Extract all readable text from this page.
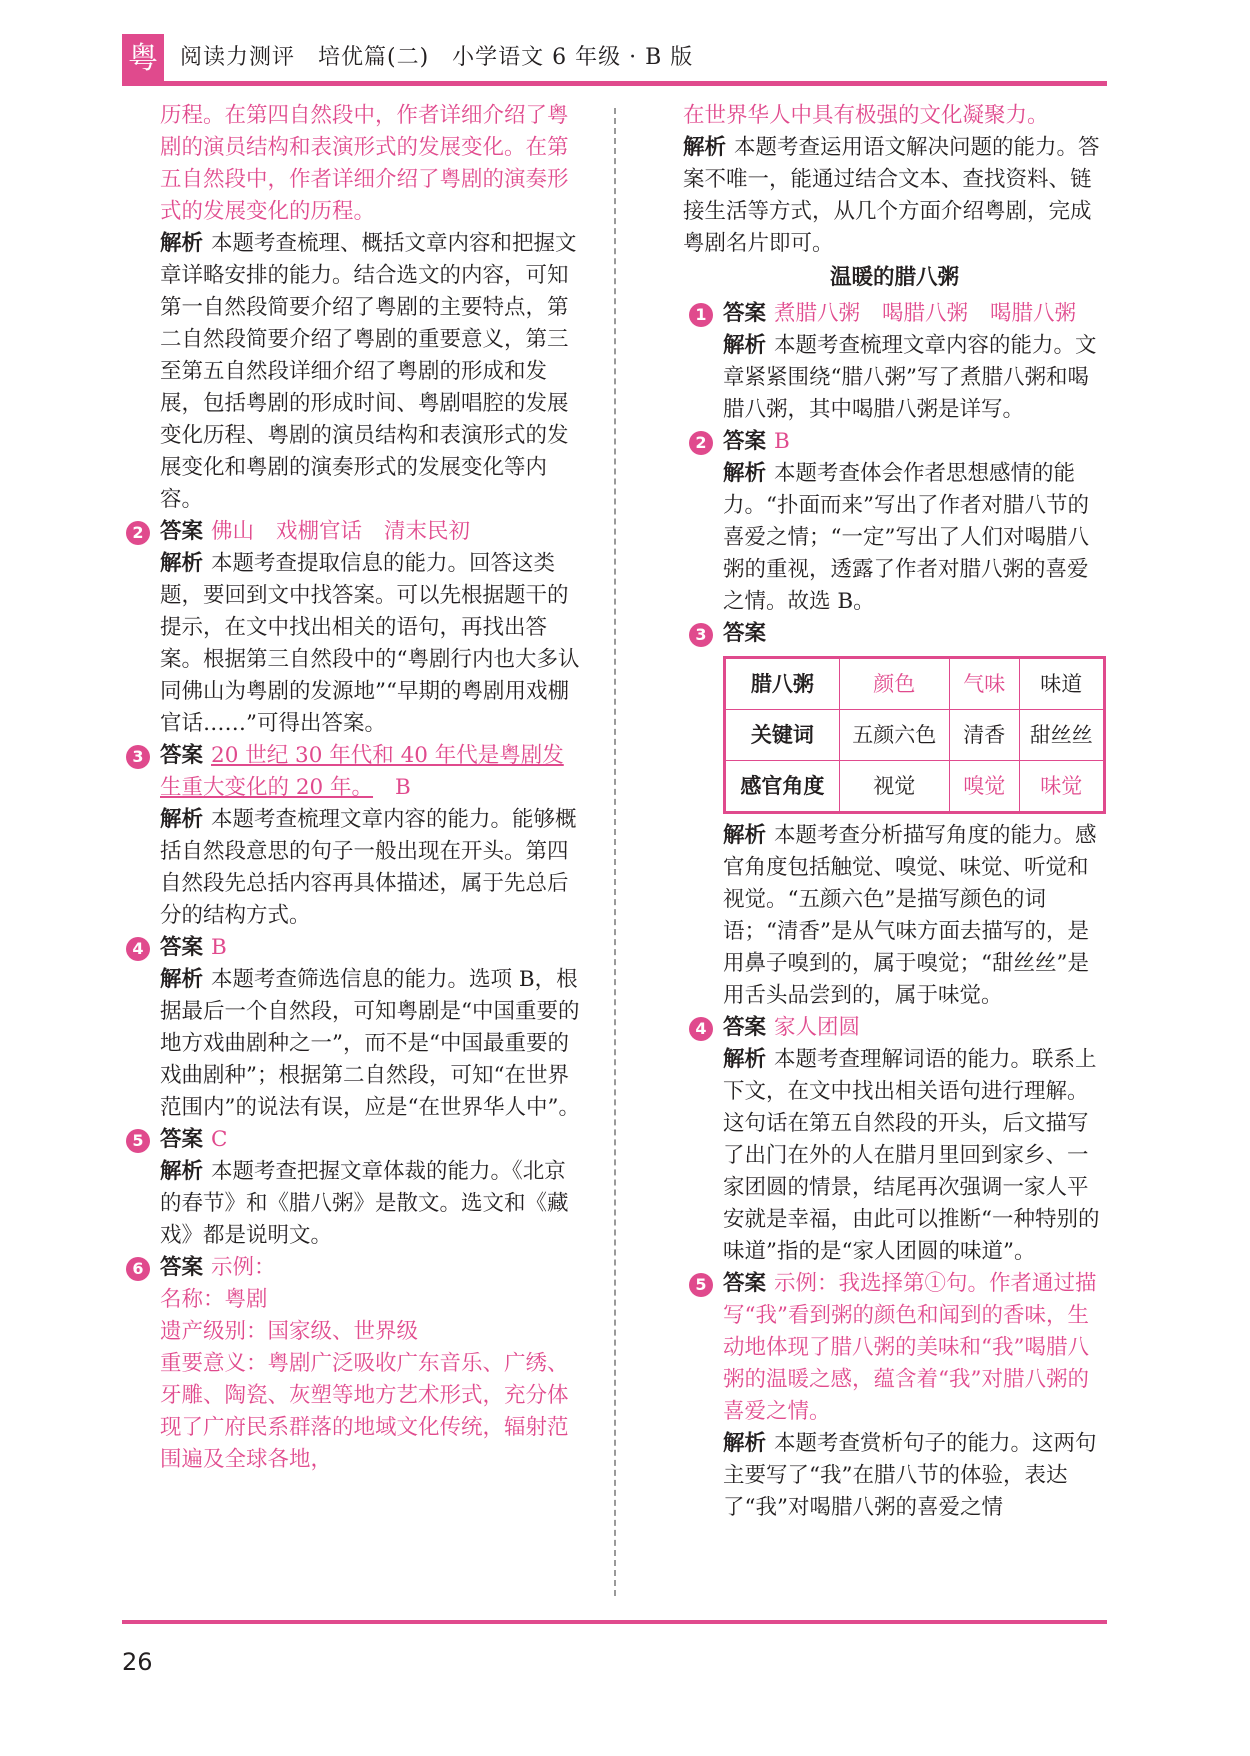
粤 阅读力测评　培优篇(二)　小学语文 6 年级 · B 版

历程。在第四自然段中，作者详细介绍了粤剧的演员结构和表演形式的发展变化。在第五自然段中，作者详细介绍了粤剧的演奏形式的发展变化的历程。

解析 本题考查梳理、概括文章内容和把握文章详略安排的能力。结合选文的内容，可知第一自然段简要介绍了粤剧的主要特点，第二自然段简要介绍了粤剧的重要意义，第三至第五自然段详细介绍了粤剧的形成和发展，包括粤剧的形成时间、粤剧唱腔的发展变化历程、粤剧的演员结构和表演形式的发展变化和粤剧的演奏形式的发展变化等内容。

2 答案 佛山 戏棚官话 清末民初

解析 本题考查提取信息的能力。回答这类题，要回到文中找答案。可以先根据题干的提示，在文中找出相关的语句，再找出答案。根据第三自然段中的“粤剧行内也大多认同佛山为粤剧的发源地”“早期的粤剧用戏棚官话……”可得出答案。

3 答案 20 世纪 30 年代和 40 年代是粤剧发生重大变化的 20 年。 B

解析 本题考查梳理文章内容的能力。能够概括自然段意思的句子一般出现在开头。第四自然段先总括内容再具体描述，属于先总后分的结构方式。

4 答案 B

解析 本题考查筛选信息的能力。选项 B，根据最后一个自然段，可知粤剧是“中国重要的地方戏曲剧种之一”，而不是“中国最重要的戏曲剧种”；根据第二自然段，可知“在世界范围内”的说法有误，应是“在世界华人中”。

5 答案 C

解析 本题考查把握文章体裁的能力。《北京的春节》和《腊八粥》是散文。选文和《藏戏》都是说明文。

6 答案 示例：

名称：粤剧

遗产级别：国家级、世界级

重要意义：粤剧广泛吸收广东音乐、广绣、牙雕、陶瓷、灰塑等地方艺术形式，充分体现了广府民系群落的地域文化传统，辐射范围遍及全球各地，

在世界华人中具有极强的文化凝聚力。

解析 本题考查运用语文解决问题的能力。答案不唯一，能通过结合文本、查找资料、链接生活等方式，从几个方面介绍粤剧，完成粤剧名片即可。

温暖的腊八粥

1 答案 煮腊八粥 喝腊八粥 喝腊八粥

解析 本题考查梳理文章内容的能力。文章紧紧围绕“腊八粥”写了煮腊八粥和喝腊八粥，其中喝腊八粥是详写。

2 答案 B

解析 本题考查体会作者思想感情的能力。“扑面而来”写出了作者对腊八节的喜爱之情；“一定”写出了人们对喝腊八粥的重视，透露了作者对腊八粥的喜爱之情。故选 B。

3 答案

腊八粥	颜色	气味	味道
关键词	五颜六色	清香	甜丝丝
感官角度	视觉	嗅觉	味觉

解析 本题考查分析描写角度的能力。感官角度包括触觉、嗅觉、味觉、听觉和视觉。“五颜六色”是描写颜色的词语；“清香”是从气味方面去描写的，是用鼻子嗅到的，属于嗅觉；“甜丝丝”是用舌头品尝到的，属于味觉。

4 答案 家人团圆

解析 本题考查理解词语的能力。联系上下文，在文中找出相关语句进行理解。这句话在第五自然段的开头，后文描写了出门在外的人在腊月里回到家乡、一家团圆的情景，结尾再次强调一家人平安就是幸福，由此可以推断“一种特别的味道”指的是“家人团圆的味道”。

5 答案 示例：我选择第①句。作者通过描写“我”看到粥的颜色和闻到的香味，生动地体现了腊八粥的美味和“我”喝腊八粥的温暖之感，蕴含着“我”对腊八粥的喜爱之情。

解析 本题考查赏析句子的能力。这两句主要写了“我”在腊八节的体验，表达了“我”对喝腊八粥的喜爱之情

26
